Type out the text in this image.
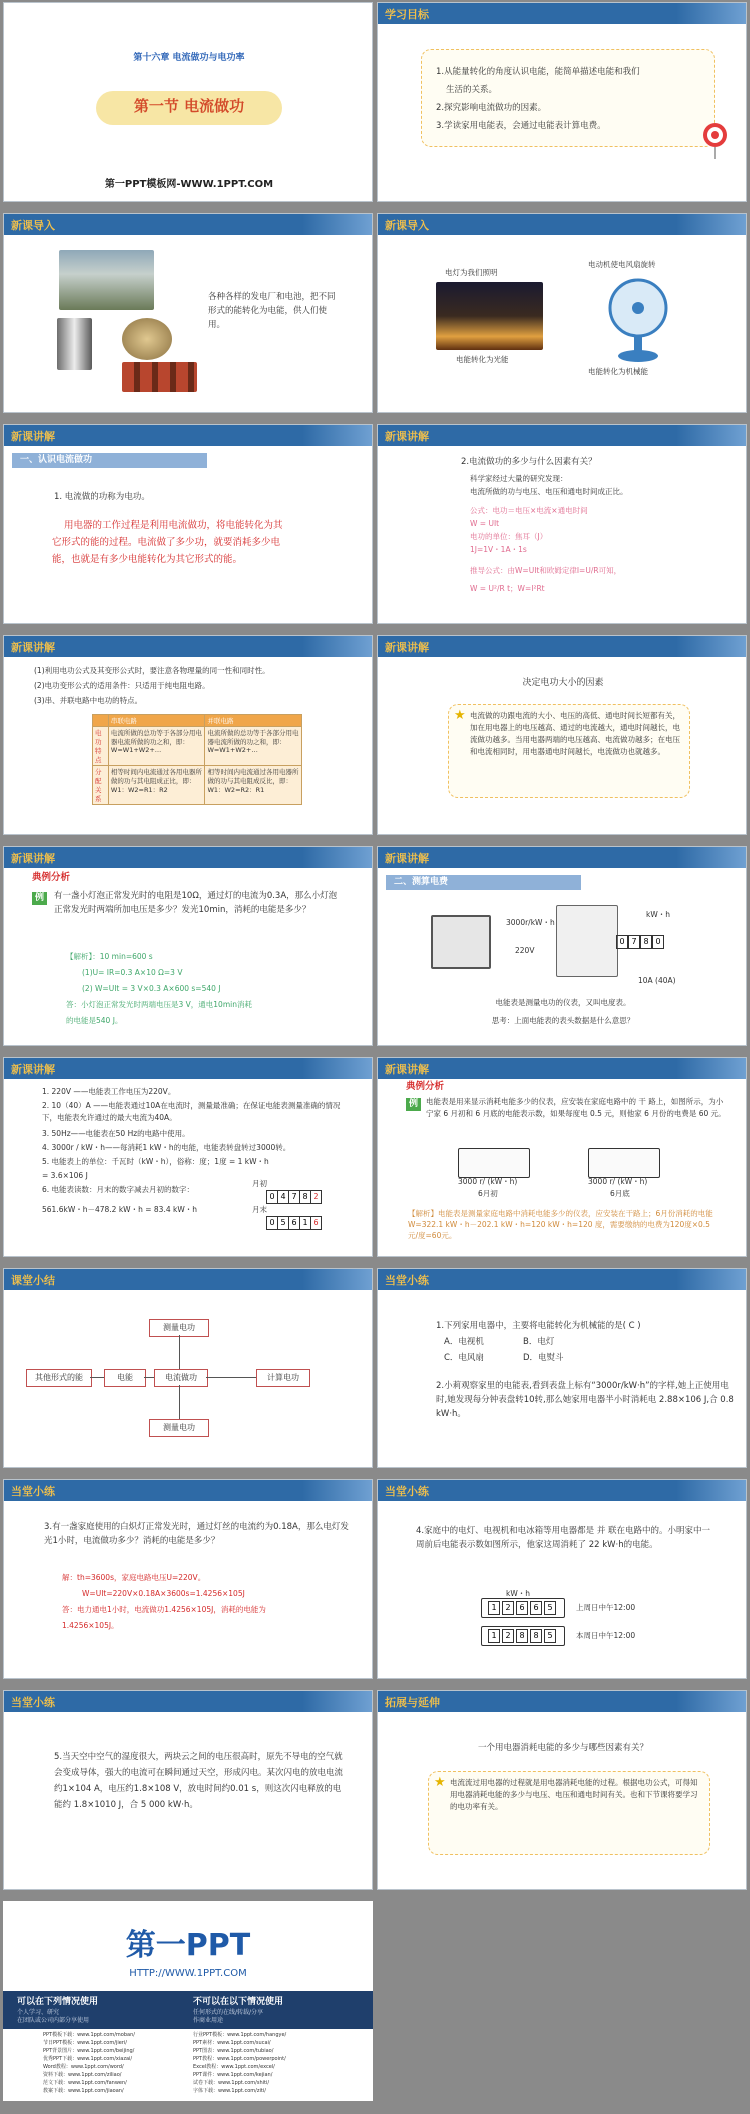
第十六章 电流做功与电功率
第一节 电流做功
第一PPT模板网-WWW.1PPT.COM
学习目标
1.从能量转化的角度认识电能，能简单描述电能和我们
生活的关系。
2.探究影响电流做功的因素。
3.学读家用电能表，会通过电能表计算电费。
新课导入
各种各样的发电厂和电池，把不同形式的能转化为电能，供人们使用。
新课导入
电灯为我们照明
电能转化为光能
电动机使电风扇旋转
电能转化为机械能
新课讲解
一、认识电流做功
1. 电流做的功称为电功。
用电器的工作过程是利用电流做功，将电能转化为其
它形式的能的过程。电流做了多少功，就要消耗多少电
能，也就是有多少电能转化为其它形式的能。
新课讲解
2.电流做功的多少与什么因素有关？
科学家经过大量的研究发现：
电流所做的功与电压、电压和通电时间成正比。
公式：电功＝电压×电流×通电时间
W = UIt
电功的单位：焦耳（J）
1J=1V・1A・1s
推导公式：由W=UIt和欧姆定律I=U/R可知，
W = U²/R t；W=I²Rt
新课讲解
(1)利用电功公式及其变形公式时，要注意各物理量的同一性和同时性。
(2)电功变形公式的适用条件：只适用于纯电阻电路。
(3)串、并联电路中电功的特点。
	串联电路	并联电路
电功特点	电流所做的总功等于各部分用电器电流所做的功之和，即：W=W1+W2+…	电流所做的总功等于各部分用电器电流所做的功之和，即：W=W1+W2+…
分配关系	相等时间内电流通过各用电器所做的功与其电阻成正比，即：W1：W2=R1：R2	相等时间内电流通过各用电器所做的功与其电阻成反比，即：W1：W2=R2：R1
新课讲解
决定电功大小的因素
★ 电流做的功跟电流的大小、电压的高低、通电时间长短都有关，加在用电器上的电压越高、通过的电流越大，通电时间越长，电流做功越多。当用电器两端的电压越高、电流做功越多；在电压和电流相同时，用电器通电时间越长，电流做功也就越多。
新课讲解
典例分析
例	有一盏小灯泡正常发光时的电阻是10Ω，通过灯的电流为0.3A，那么小灯泡正常发光时两端所加电压是多少？发光10min，消耗的电能是多少？
【解析】：10 min=600 s
(1)U= IR=0.3 A×10 Ω=3 V
(2) W=UIt = 3 V×0.3 A×600 s=540 J
答：小灯泡正常发光时两端电压是3 V，通电10min消耗
的电能是540 J。
新课讲解
二、测算电费
3000r/kW・h
220V
kW・h
0 7 8 0
10A (40A)
电能表是测量电功的仪表，又叫电度表。
思考：上面电能表的表头数据是什么意思？
新课讲解
1. 220V ——电能表工作电压为220V。
2. 10（40）A ——电能表通过10A在电流时，测量最准确；在保证电能表测量准确的情况下，电能表允许通过的最大电流为40A。
3. 50Hz——电能表在50 Hz的电路中使用。
4. 3000r / kW・h——每消耗1 kW・h的电能，电能表转盘转过3000转。
5. 电能表上的单位：千瓦时（kW・h），俗称：度；1度 = 1 kW・h
= 3.6×106 J
6. 电能表读数：月末的数字减去月初的数字：
561.6kW・h－478.2 kW・h = 83.4 kW・h
月初
0 4 7 8 2
月末
0 5 6 1 6
新课讲解
典例分析
例	电能表是用来显示消耗电能多少的仪表，应安装在家庭电路中的 干 路上，如图所示，为小宁家 6 月初和 6 月底的电能表示数，如果每度电 0.5 元，则他家 6 月份的电费是 60 元。
3000 r/ (kW・h)
6月初
3000 r/ (kW・h)
6月底
【解析】电能表是测量家庭电路中消耗电能多少的仪表，应安装在干路上；6月份消耗的电能W=322.1 kW・h－202.1 kW・h=120 kW・h=120 度，需要缴纳的电费为120度×0.5元/度=60元。
课堂小结
测量电功
其他形式的能	电能	电流做功	计算电功
测量电功
当堂小练
1.下列家用电器中，主要将电能转化为机械能的是( C )
A．电视机	B．电灯
C．电风扇	D．电熨斗
2.小莉观察家里的电能表,看到表盘上标有“3000r/kW·h”的字样,她上正使用电时,她发现每分钟表盘转10转,那么她家用电器半小时消耗电 2.88×106 J,合 0.8 kW·h。
当堂小练
3.有一盏家庭使用的白炽灯正常发光时，通过灯丝的电流约为0.18A，那么电灯发光1小时，电流做功多少？消耗的电能是多少？
解：th=3600s，家庭电路电压U=220V。
W=UIt=220V×0.18A×3600s=1.4256×105J
答：电力通电1小时，电流做功1.4256×105J，消耗的电能为
1.4256×105J。
当堂小练
4.家庭中的电灯、电视机和电冰箱等用电器都是 并 联在电路中的。小明家中一周前后电能表示数如图所示，他家这周消耗了 22 kW·h的电能。
kW・h
1	2	6	6	5	上周日中午12:00
1	2	8	8	5	本周日中午12:00
当堂小练
5.当天空中空气的湿度很大，两块云之间的电压很高时，原先不导电的空气就会变成导体，强大的电流可在瞬间通过天空，形成闪电。某次闪电的放电电流约1×104 A，电压约1.8×108 V，放电时间约0.01 s，则这次闪电释放的电能约 1.8×1010 J，合 5 000 kW·h。
拓展与延伸
一个用电器消耗电能的多少与哪些因素有关？
★ 电流流过用电器的过程就是用电器消耗电能的过程。根据电功公式，可得知用电器消耗电能的多少与电压、电压和通电时间有关。也和下节课将要学习的电功率有关。
第一PPT
HTTP://WWW.1PPT.COM
可以在下列情况使用
个人学习、研究
在团队或公司内部分享使用
不可以在以下情况使用
任何形式的在线/转载/分享
作商业用途
PPT模板下载：www.1ppt.com/moban/
节日PPT模板：www.1ppt.com/jieri/
PPT背景图片：www.1ppt.com/beijing/
优秀PPT下载：www.1ppt.com/xiazai/
Word教程：www.1ppt.com/word/
资料下载：www.1ppt.com/ziliao/
范文下载：www.1ppt.com/fanwen/
教案下载：www.1ppt.com/jiaoan/
行业PPT模板：www.1ppt.com/hangye/
PPT素材：www.1ppt.com/sucai/
PPT图表：www.1ppt.com/tubiao/
PPT教程：www.1ppt.com/powerpoint/
Excel教程：www.1ppt.com/excel/
PPT课件：www.1ppt.com/kejian/
试卷下载：www.1ppt.com/shiti/
字体下载：www.1ppt.com/ziti/
